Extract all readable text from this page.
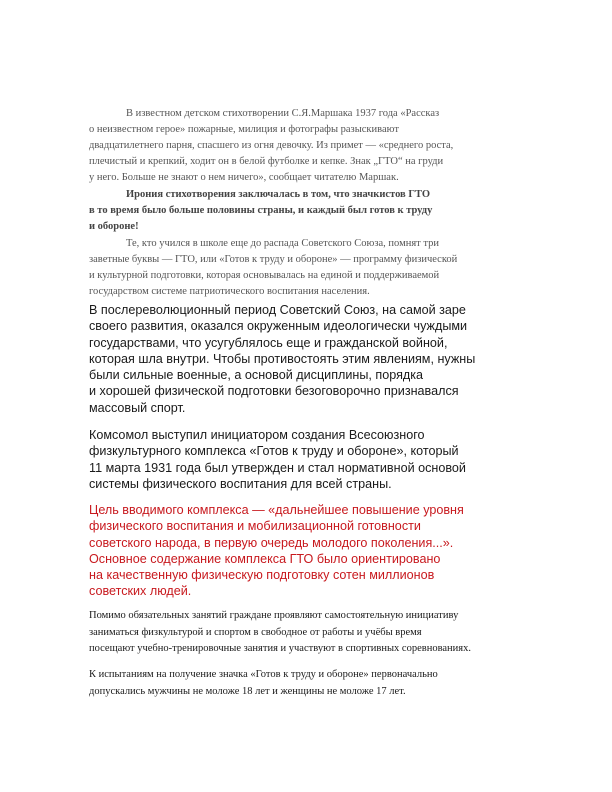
В известном детском стихотворении С.Я.Маршака 1937 года «Рассказ
о неизвестном герое» пожарные, милиция и фотографы разыскивают
двадцатилетнего парня, спасшего из огня девочку. Из примет — «среднего роста,
плечистый и крепкий, ходит он в белой футболке и кепке. Знак „ГТО“ на груди
у него. Больше не знают о нем ничего», сообщает читателю Маршак.
Ирония стихотворения заключалась в том, что значкистов ГТО
в то время было больше половины страны, и каждый был готов к труду
и обороне!
Те, кто учился в школе еще до распада Советского Союза, помнят три
заветные буквы — ГТО, или «Готов к труду и обороне» — программу физической
и культурной подготовки, которая основывалась на единой и поддерживаемой
государством системе патриотического воспитания населения.
В послереволюционный период Советский Союз, на самой заре
своего развития, оказался окруженным идеологически чуждыми
государствами, что усугублялось еще и гражданской войной,
которая шла внутри. Чтобы противостоять этим явлениям, нужны
были сильные военные, а основой дисциплины, порядка
и хорошей физической подготовки безоговорочно признавался
массовый спорт.
Комсомол выступил инициатором создания Всесоюзного
физкультурного комплекса «Готов к труду и обороне», который
11 марта 1931 года был утвержден и стал нормативной основой
системы физического воспитания для всей страны.
Цель вводимого комплекса — «дальнейшее повышение уровня
физического воспитания и мобилизационной готовности
советского народа, в первую очередь молодого поколения...».
Основное содержание комплекса ГТО было ориентировано
на качественную физическую подготовку сотен миллионов
советских людей.
Помимо обязательных занятий граждане проявляют самостоятельную инициативу
заниматься физкультурой и спортом в свободное от работы и учёбы время
посещают учебно-тренировочные занятия и участвуют в спортивных соревнованиях.
К испытаниям на получение значка «Готов к труду и обороне» первоначально
допускались мужчины не моложе 18 лет и женщины не моложе 17 лет.
